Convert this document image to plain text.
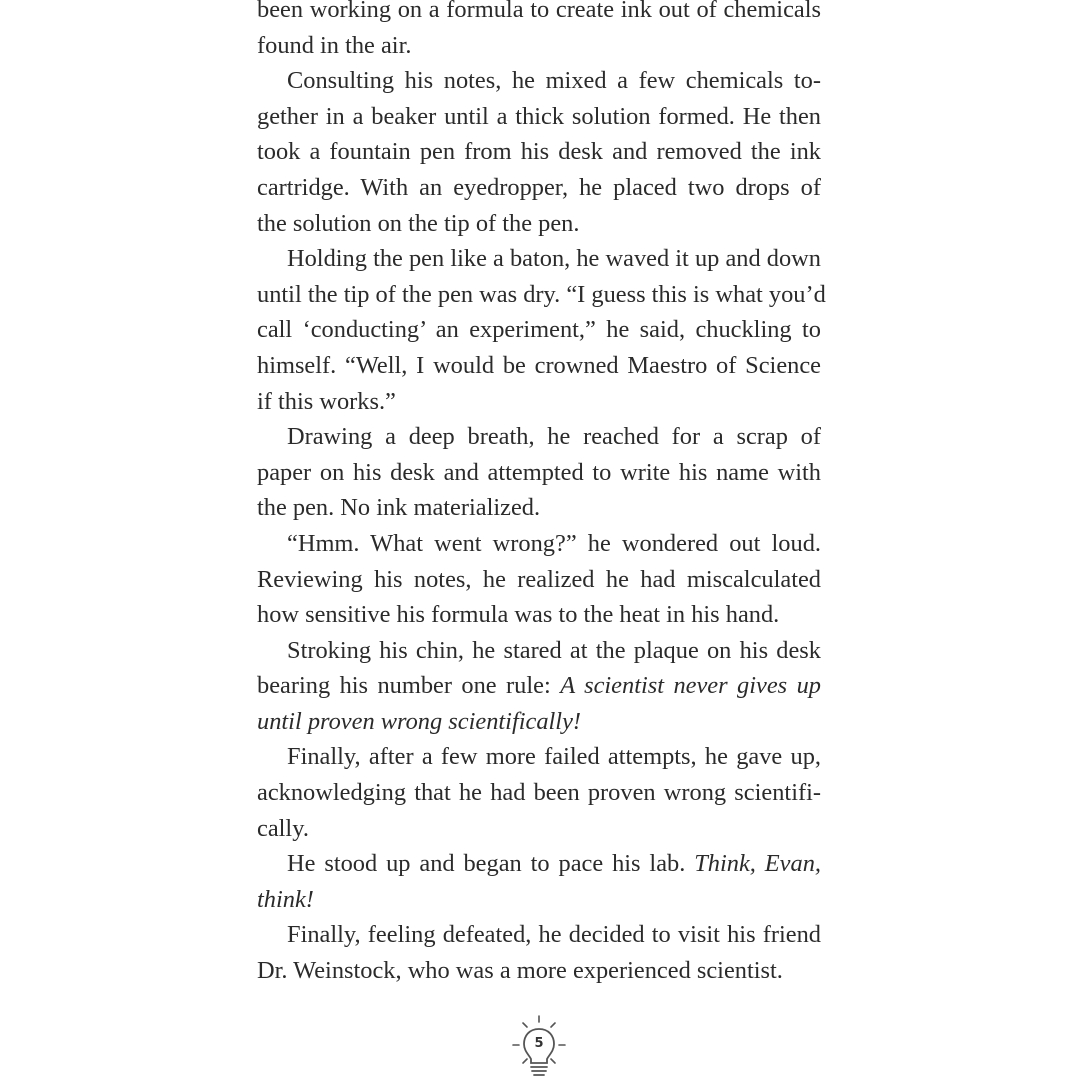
been working on a formula to create ink out of chemicals
found in the air.
Consulting his notes, he mixed a few chemicals to-
gether in a beaker until a thick solution formed. He then
took a fountain pen from his desk and removed the ink
cartridge. With an eyedropper, he placed two drops of
the solution on the tip of the pen.
Holding the pen like a baton, he waved it up and down
until the tip of the pen was dry. “I guess this is what you’d
call ‘conducting’ an experiment,” he said, chuckling to
himself. “Well, I would be crowned Maestro of Science
if this works.”
Drawing a deep breath, he reached for a scrap of
paper on his desk and attempted to write his name with
the pen. No ink materialized.
“Hmm. What went wrong?” he wondered out loud.
Reviewing his notes, he realized he had miscalculated
how sensitive his formula was to the heat in his hand.
Stroking his chin, he stared at the plaque on his desk
bearing his number one rule: A scientist never gives up
until proven wrong scientifically!
Finally, after a few more failed attempts, he gave up,
acknowledging that he had been proven wrong scientifi-
cally.
He stood up and began to pace his lab. Think, Evan,
think!
Finally, feeling defeated, he decided to visit his friend
Dr. Weinstock, who was a more experienced scientist.
5
